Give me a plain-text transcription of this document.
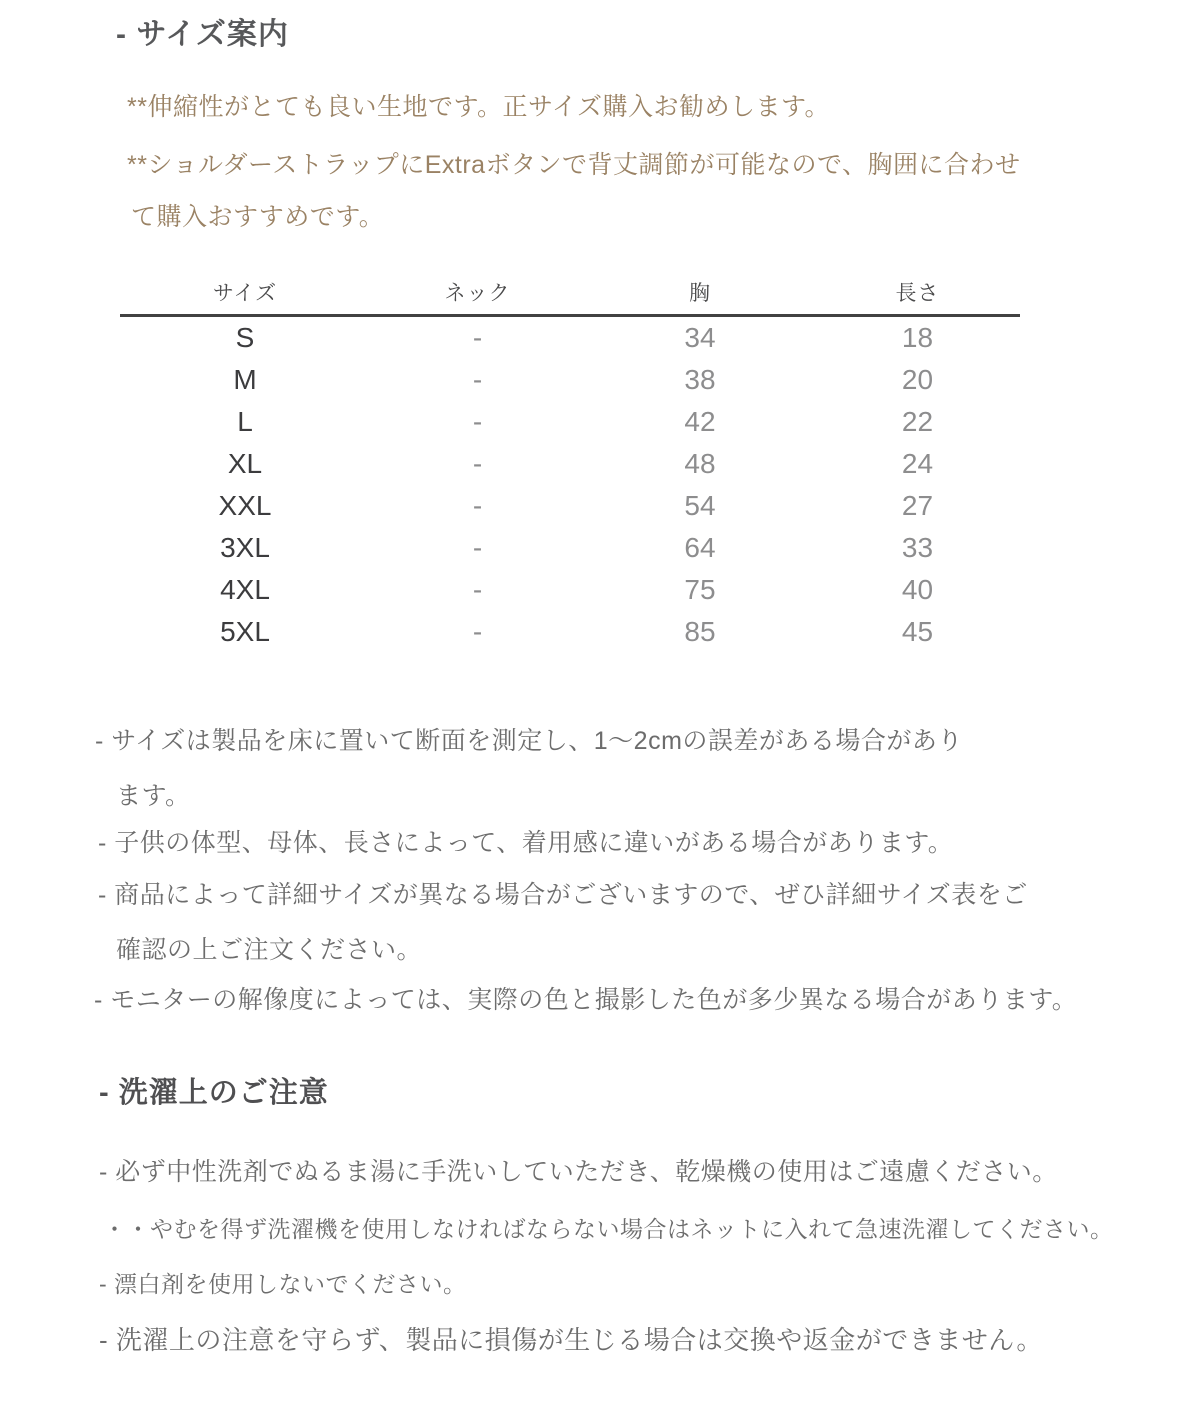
- サイズ案内
**伸縮性がとても良い生地です。正サイズ購入お勧めします。
**ショルダーストラップにExtraボタンで背丈調節が可能なので、胸囲に合わせ
て購入おすすめです。
サイズ	ネック	胸	長さ
S	-	34	18
M	-	38	20
L	-	42	22
XL	-	48	24
XXL	-	54	27
3XL	-	64	33
4XL	-	75	40
5XL	-	85	45
- サイズは製品を床に置いて断面を測定し、1〜2cmの誤差がある場合があり
ます。
- 子供の体型、母体、長さによって、着用感に違いがある場合があります。
- 商品によって詳細サイズが異なる場合がございますので、ぜひ詳細サイズ表をご
確認の上ご注文ください。
- モニターの解像度によっては、実際の色と撮影した色が多少異なる場合があります。
- 洗濯上のご注意
- 必ず中性洗剤でぬるま湯に手洗いしていただき、乾燥機の使用はご遠慮ください。
・・やむを得ず洗濯機を使用しなければならない場合はネットに入れて急速洗濯してください。
- 漂白剤を使用しないでください。
- 洗濯上の注意を守らず、製品に損傷が生じる場合は交換や返金ができません。
